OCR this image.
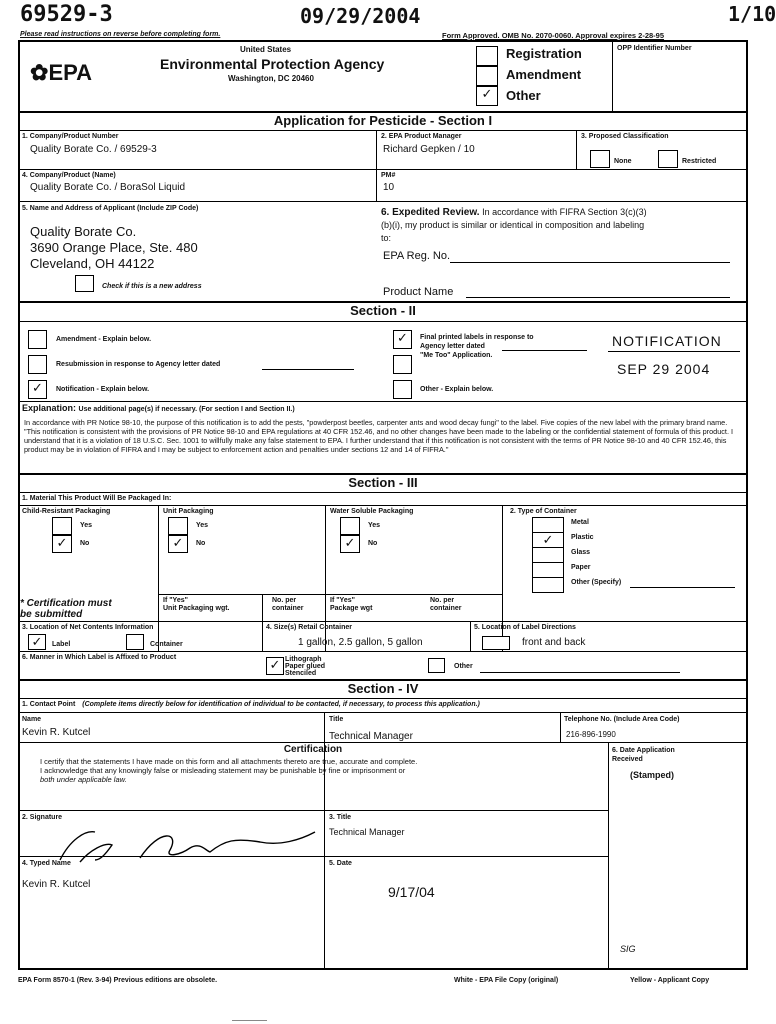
69529-3	09/29/2004	1/10
Please read instructions on reverse before completing form.	Form Approved. OMB No. 2070-0060. Approval expires 2-28-95
✿EPA
United States
Environmental Protection Agency
Washington, DC 20460
✓
Registration
Amendment
Other
OPP Identifier Number
Application for Pesticide - Section I
1. Company/Product Number
Quality Borate Co. / 69529-3
2. EPA Product Manager
Richard Gepken / 10
3. Proposed Classification
None	Restricted
4. Company/Product (Name)
Quality Borate Co. / BoraSol Liquid
PM#
10
5. Name and Address of Applicant (Include ZIP Code)
Quality Borate Co.
3690 Orange Place, Ste. 480
Cleveland, OH 44122
Check if this is a new address
6. Expedited Review. In accordance with FIFRA Section 3(c)(3)
(b)(i), my product is similar or identical in composition and labeling
to:
EPA Reg. No.
Product Name
Section - II
Amendment - Explain below.
Resubmission in response to Agency letter dated
✓	Notification - Explain below.
✓	Final printed labels in response to
Agency letter dated
"Me Too" Application.
Other - Explain below.
NOTIFICATION
SEP 29 2004
Explanation: Use additional page(s) if necessary. (For section I and Section II.)
In accordance with PR Notice 98-10, the purpose of this notification is to add the pests, "powderpost beetles, carpenter ants and wood decay fungi" to the label. Five copies of the new label with the primary brand name. "This notification is consistent with the provisions of PR Notice 98-10 and EPA regulations at 40 CFR 152.46, and no other changes have been made to the labeling or the confidential statement of formula of this product. I understand that it is a violation of 18 U.S.C. Sec. 1001 to willfully make any false statement to EPA. I further understand that if this notification is not consistent with the terms of PR Notice 98-10 and 40 CFR 152.46, this product may be in violation of FIFRA and I may be subject to enforcement action and penalties under sections 12 and 14 of FIFRA."
Section - III
1. Material This Product Will Be Packaged In:
Child-Resistant Packaging	Unit Packaging	Water Soluble Packaging	2. Type of Container
Yes
✓	No
* Certification must
be submitted
Yes
✓	No
If "Yes"
Unit Packaging wgt.
No. per
container
Yes
✓	No
If "Yes"
Package wgt
No. per
container
✓
Metal
Plastic
Glass
Paper
Other (Specify)
3. Location of Net Contents Information	4. Size(s) Retail Container	5. Location of Label Directions
✓	Label	Container	1 gallon, 2.5 gallon, 5 gallon	front and back
6. Manner in Which Label is Affixed to Product	✓ Lithograph
Paper glued
Stenciled
Other
Section - IV
1. Contact Point (Complete items directly below for identification of individual to be contacted, if necessary, to process this application.)
Name
Kevin R. Kutcel
Title
Technical Manager
Telephone No. (Include Area Code)
216-896-1990
Certification
I certify that the statements I have made on this form and all attachments thereto are true, accurate and complete.
I acknowledge that any knowingly false or misleading statement may be punishable by fine or imprisonment or
both under applicable law.
6. Date Application
Received
(Stamped)
SIG
2. Signature	3. Title
Technical Manager
4. Typed Name
Kevin R. Kutcel
5. Date
9/17/04
EPA Form 8570-1 (Rev. 3-94) Previous editions are obsolete.	White - EPA File Copy (original)	Yellow - Applicant Copy
